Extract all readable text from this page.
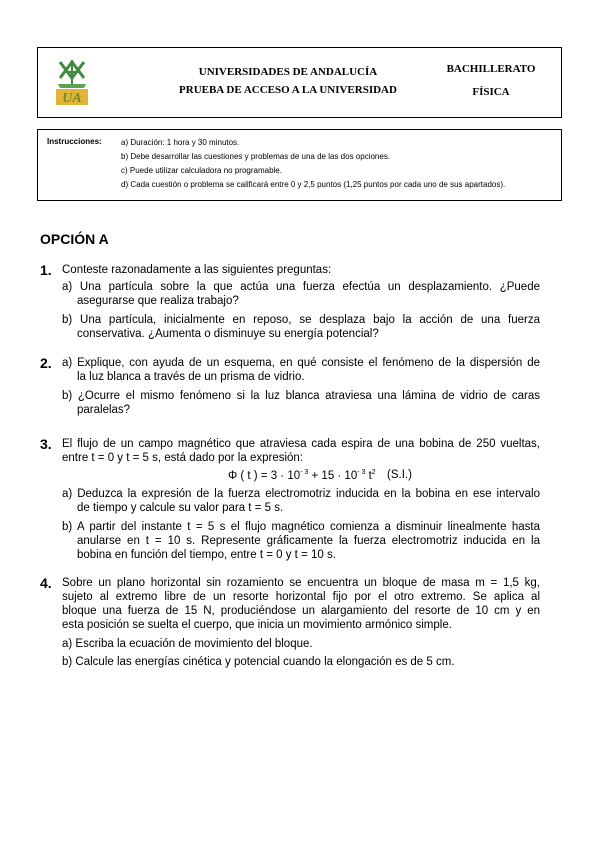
UA
UNIVERSIDADES DE ANDALUCÍA
PRUEBA DE ACCESO A LA UNIVERSIDAD
BACHILLERATO
FÍSICA
Instrucciones: a) Duración: 1 hora y 30 minutos.
b) Debe desarrollar las cuestiones y problemas de una de las dos opciones.
c) Puede utilizar calculadora no programable.
d) Cada cuestión o problema se calificará entre 0 y 2,5 puntos (1,25 puntos por cada uno de sus apartados).
OPCIÓN A
1. Conteste razonadamente a las siguientes preguntas:
a) Una partícula sobre la que actúa una fuerza efectúa un desplazamiento. ¿Puede
asegurarse que realiza trabajo?
b) Una partícula, inicialmente en reposo, se desplaza bajo la acción de una fuerza
conservativa. ¿Aumenta o disminuye su energía potencial?
2. a) Explique, con ayuda de un esquema, en qué consiste el fenómeno de la dispersión de
la luz blanca a través de un prisma de vidrio.
b) ¿Ocurre el mismo fenómeno si la luz blanca atraviesa una lámina de vidrio de caras
paralelas?
3. El flujo de un campo magnético que atraviesa cada espira de una bobina de 250 vueltas,
entre t = 0 y t = 5 s, está dado por la expresión:
Φ ( t ) = $3 \cdot 10^{- 3} + 15 \cdot 10^{- 3}$ $t^2$ (S.I.)
a) Deduzca la expresión de la fuerza electromotriz inducida en la bobina en ese intervalo
de tiempo y calcule su valor para t = 5 s.
b) A partir del instante t = 5 s el flujo magnético comienza a disminuir linealmente hasta
anularse en t = 10 s. Represente gráficamente la fuerza electromotriz inducida en la
bobina en función del tiempo, entre t = 0 y t = 10 s.
4. Sobre un plano horizontal sin rozamiento se encuentra un bloque de masa m = 1,5 kg,
sujeto al extremo libre de un resorte horizontal fijo por el otro extremo. Se aplica al
bloque una fuerza de 15 N, produciéndose un alargamiento del resorte de 10 cm y en
esta posición se suelta el cuerpo, que inicia un movimiento armónico simple.
a) Escriba la ecuación de movimiento del bloque.
b) Calcule las energías cinética y potencial cuando la elongación es de 5 cm.
